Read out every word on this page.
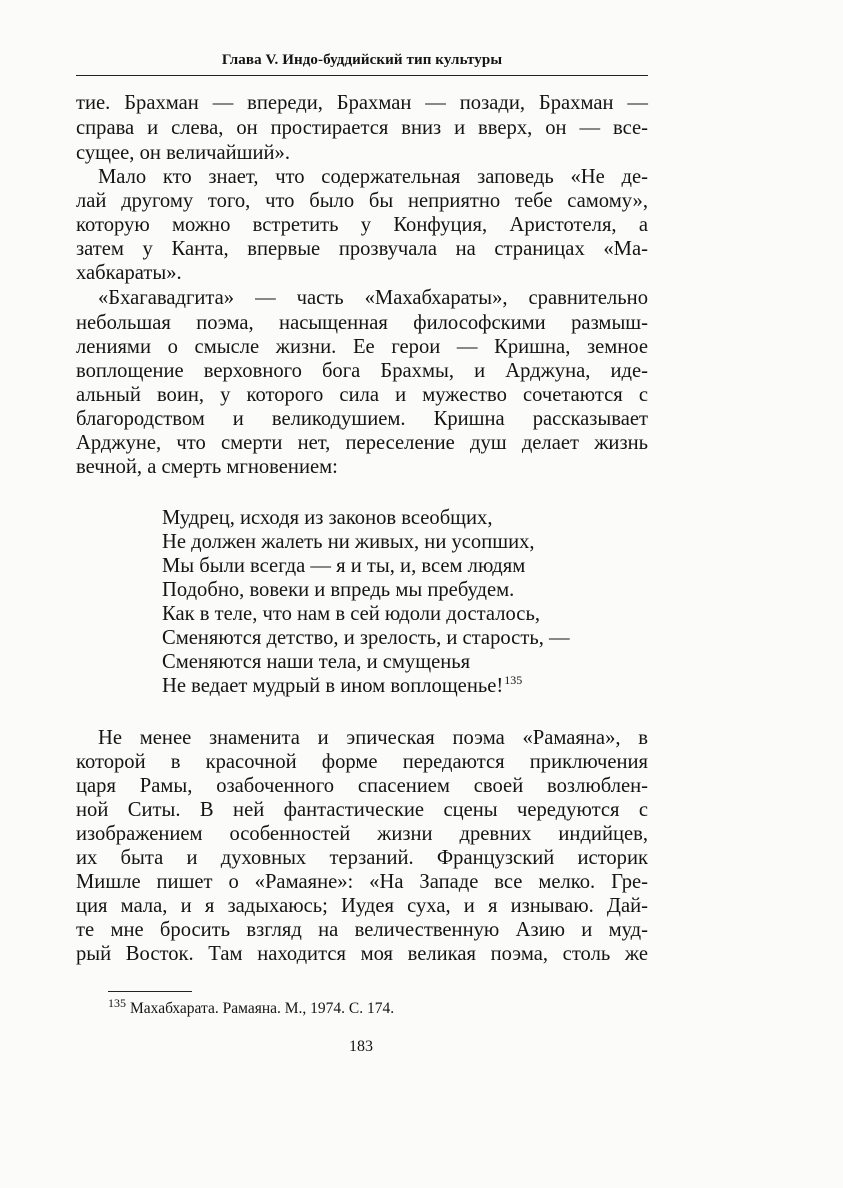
Глава V. Индо-буддийский тип культуры
тие. Брахман — впереди, Брахман — позади, Брахман —
справа и слева, он простирается вниз и вверх, он — все-
сущее, он величайший».
Мало кто знает, что содержательная заповедь «Не де-
лай другому того, что было бы неприятно тебе самому»,
которую можно встретить у Конфуция, Аристотеля, а
затем у Канта, впервые прозвучала на страницах «Ма-
хабкараты».
«Бхагавадгита» — часть «Махабхараты», сравнительно
небольшая поэма, насыщенная философскими размыш-
лениями о смысле жизни. Ее герои — Кришна, земное
воплощение верховного бога Брахмы, и Арджуна, иде-
альный воин, у которого сила и мужество сочетаются с
благородством и великодушием. Кришна рассказывает
Арджуне, что смерти нет, переселение душ делает жизнь
вечной, а смерть мгновением:
Мудрец, исходя из законов всеобщих,
Не должен жалеть ни живых, ни усопших,
Мы были всегда — я и ты, и, всем людям
Подобно, вовеки и впредь мы пребудем.
Как в теле, что нам в сей юдоли досталось,
Сменяются детство, и зрелость, и старость, —
Сменяются наши тела, и смущенья
Не ведает мудрый в ином воплощенье!$^{135}$
Не менее знаменита и эпическая поэма «Рамаяна», в
которой в красочной форме передаются приключения
царя Рамы, озабоченного спасением своей возлюблен-
ной Ситы. В ней фантастические сцены чередуются с
изображением особенностей жизни древних индийцев,
их быта и духовных терзаний. Французский историк
Мишле пишет о «Рамаяне»: «На Западе все мелко. Гре-
ция мала, и я задыхаюсь; Иудея суха, и я изнываю. Дай-
те мне бросить взгляд на величественную Азию и муд-
рый Восток. Там находится моя великая поэма, столь же
$^{135}$ Махабхарата. Рамаяна. М., 1974. С. 174.
183
